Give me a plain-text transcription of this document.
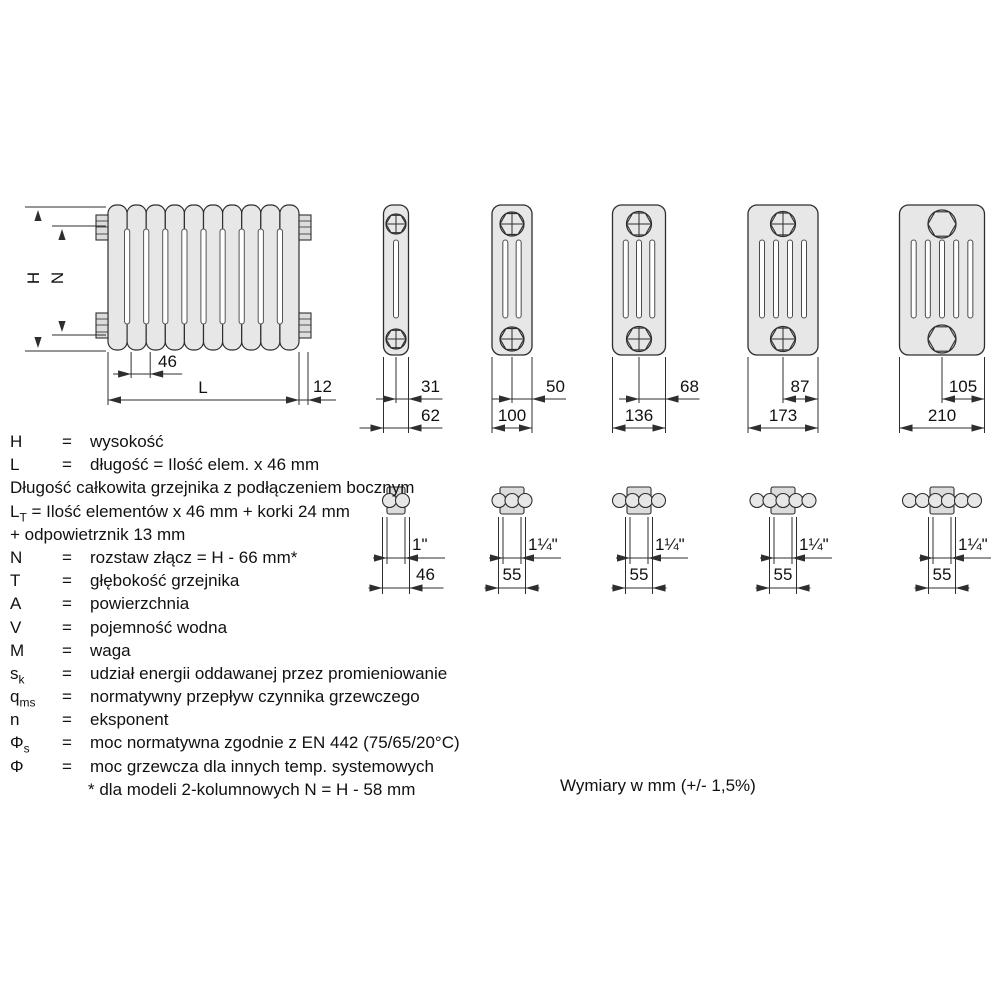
H N
46
L	12	31
62
50
100
68
136
87
173
105
210
1"
46
1¼"
55
1¼"
55
1¼"
55
1¼"
55
H = wysokość
L	= długość = Ilość elem. x 46 mm
Długość całkowita grzejnika z podłączeniem bocznym
$L_T$ = Ilość elementów x 46 mm + korki 24 mm
+ odpowietrznik 13 mm
N = rozstaw złącz = H - 66 mm*
T = głębokość grzejnika
A = powierzchnia
V = pojemność wodna
M = waga
$s_k$ = udział energii oddawanej przez promieniowanie
$q_{ms}$ = normatywny przepływ czynnika grzewczego
n	= eksponent
$\Phi_s$ = moc normatywna zgodnie z EN 442 (75/65/20°C)
Φ = moc grzewcza dla innych temp. systemowych
* dla modeli 2-kolumnowych N = H - 58 mm	Wymiary w mm (+/- 1,5%)
